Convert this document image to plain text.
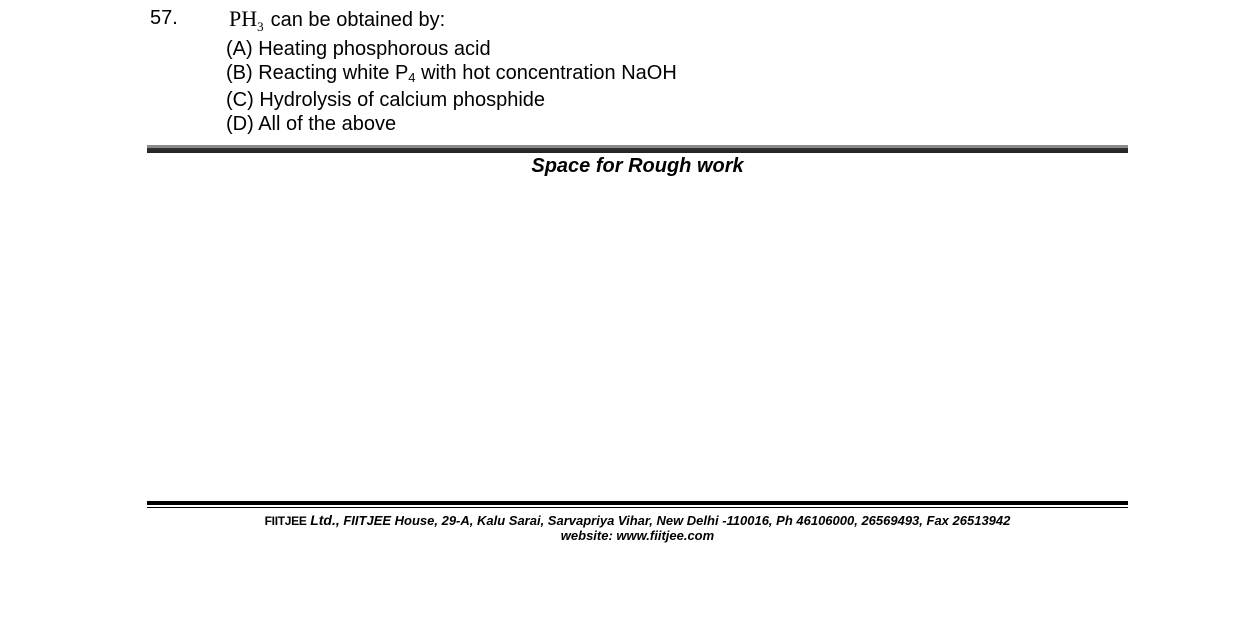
57. $PH_3$ can be obtained by:
(A) Heating phosphorous acid
(B) Reacting white $P_4$ with hot concentration NaOH
(C) Hydrolysis of calcium phosphide
(D) All of the above
Space for Rough work
FIITJEE Ltd., FIITJEE House, 29-A, Kalu Sarai, Sarvapriya Vihar, New Delhi -110016, Ph 46106000, 26569493, Fax 26513942
website: www.fiitjee.com
